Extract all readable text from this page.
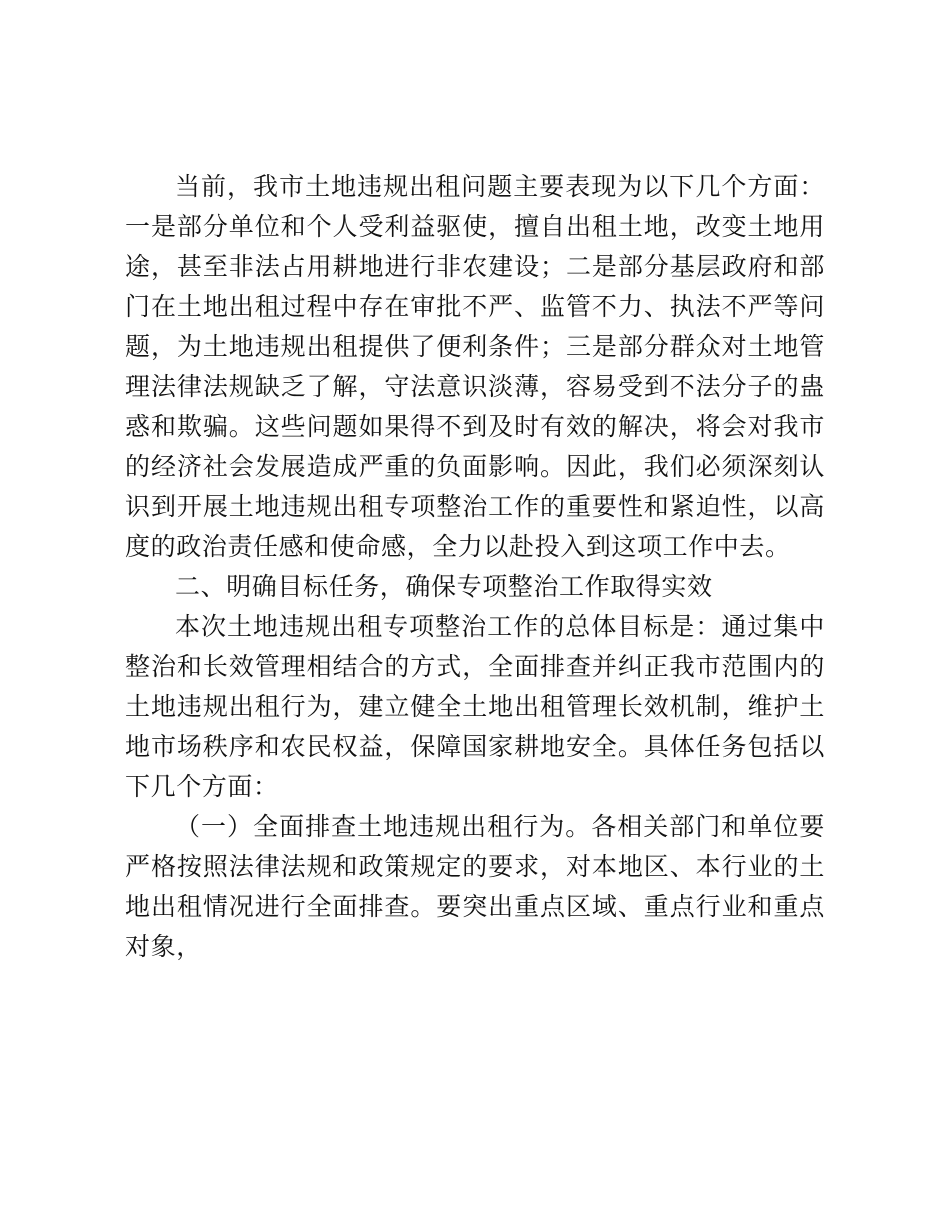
当前，我市土地违规出租问题主要表现为以下几个方面：一是部分单位和个人受利益驱使，擅自出租土地，改变土地用途，甚至非法占用耕地进行非农建设；二是部分基层政府和部门在土地出租过程中存在审批不严、监管不力、执法不严等问题，为土地违规出租提供了便利条件；三是部分群众对土地管理法律法规缺乏了解，守法意识淡薄，容易受到不法分子的蛊惑和欺骗。这些问题如果得不到及时有效的解决，将会对我市的经济社会发展造成严重的负面影响。因此，我们必须深刻认识到开展土地违规出租专项整治工作的重要性和紧迫性，以高度的政治责任感和使命感，全力以赴投入到这项工作中去。

二、明确目标任务，确保专项整治工作取得实效

本次土地违规出租专项整治工作的总体目标是：通过集中整治和长效管理相结合的方式，全面排查并纠正我市范围内的土地违规出租行为，建立健全土地出租管理长效机制，维护土地市场秩序和农民权益，保障国家耕地安全。具体任务包括以下几个方面：

（一）全面排查土地违规出租行为。各相关部门和单位要严格按照法律法规和政策规定的要求，对本地区、本行业的土地出租情况进行全面排查。要突出重点区域、重点行业和重点对象，
